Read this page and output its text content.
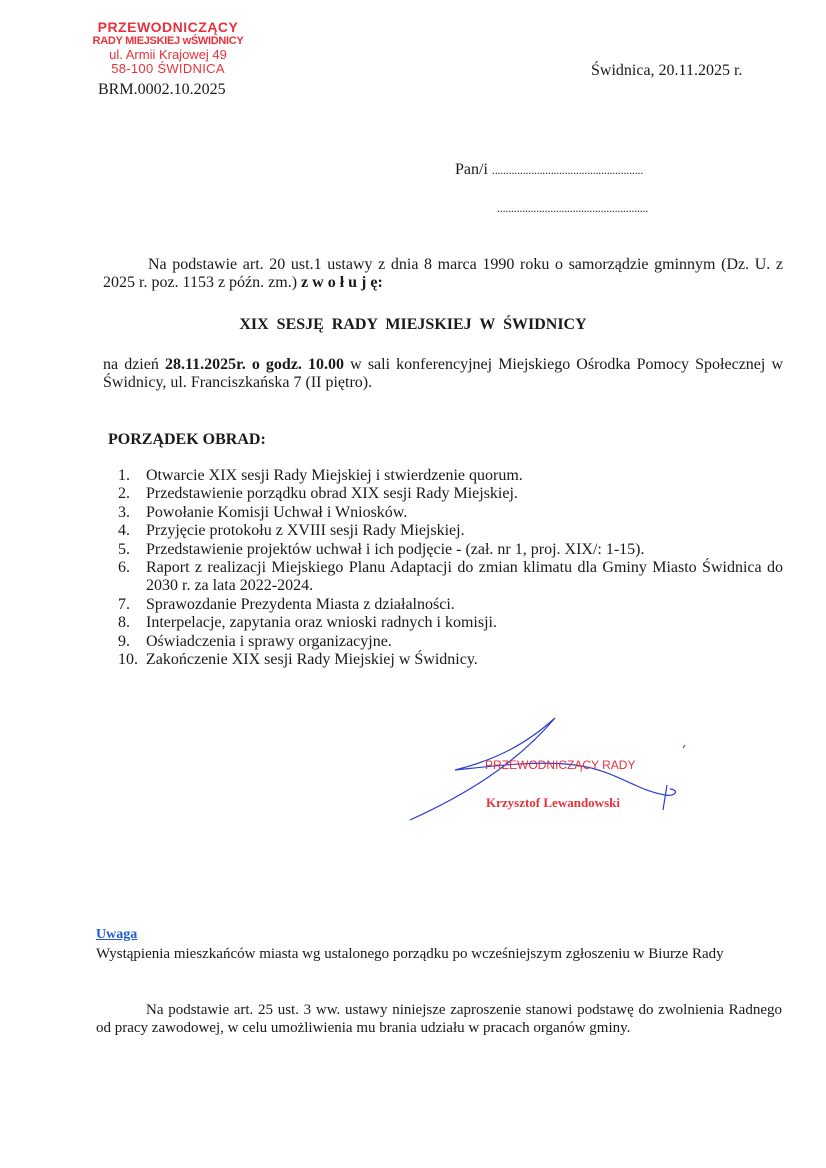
PRZEWODNICZĄCY
RADY MIEJSKIEJ wŚWIDNICY
ul. Armii Krajowej 49
58-100 ŚWIDNICA
BRM.0002.10.2025
Świdnica, 20.11.2025 r.
Pan/i ......................................................
......................................................
Na podstawie art. 20 ust.1 ustawy z dnia 8 marca 1990 roku o samorządzie gminnym (Dz. U. z 2025 r. poz. 1153 z późn. zm.) z w o ł u j ę:
XIX SESJĘ RADY MIEJSKIEJ W ŚWIDNICY
na dzień 28.11.2025r. o godz. 10.00 w sali konferencyjnej Miejskiego Ośrodka Pomocy Społecznej w Świdnicy, ul. Franciszkańska 7 (II piętro).
PORZĄDEK OBRAD:
1.	Otwarcie XIX sesji Rady Miejskiej i stwierdzenie quorum.
2.	Przedstawienie porządku obrad XIX sesji Rady Miejskiej.
3.	Powołanie Komisji Uchwał i Wniosków.
4.	Przyjęcie protokołu z XVIII sesji Rady Miejskiej.
5.	Przedstawienie projektów uchwał i ich podjęcie - (zał. nr 1, proj. XIX/: 1-15).
6.	Raport z realizacji Miejskiego Planu Adaptacji do zmian klimatu dla Gminy Miasto Świdnica do 2030 r. za lata 2022-2024.
7.	Sprawozdanie Prezydenta Miasta z działalności.
8.	Interpelacje, zapytania oraz wnioski radnych i komisji.
9.	Oświadczenia i sprawy organizacyjne.
10. Zakończenie XIX sesji Rady Miejskiej w Świdnicy.
PRZEWODNICZĄCY RADY
Krzysztof Lewandowski
Uwaga
Wystąpienia mieszkańców miasta wg ustalonego porządku po wcześniejszym zgłoszeniu w Biurze Rady
Na podstawie art. 25 ust. 3 ww. ustawy niniejsze zaproszenie stanowi podstawę do zwolnienia Radnego od pracy zawodowej, w celu umożliwienia mu brania udziału w pracach organów gminy.
